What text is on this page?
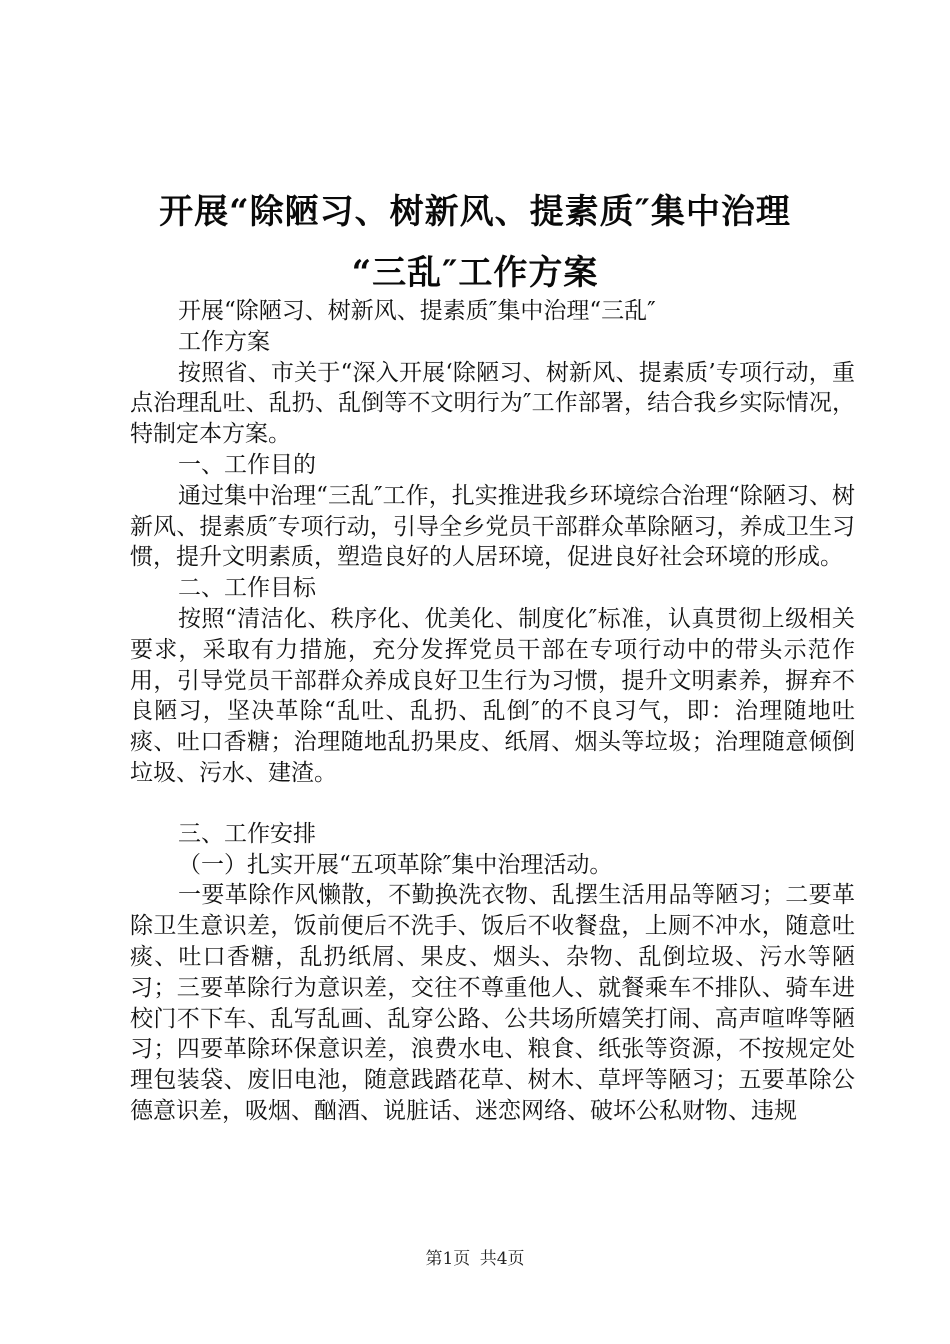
开展“除陋习、树新风、提素质″集中治理
“三乱″工作方案

开展“除陋习、树新风、提素质″集中治理“三乱″

工作方案

按照省、市关于“深入开展‘除陋习、树新风、提素质’专项行动，重点治理乱吐、乱扔、乱倒等不文明行为″工作部署，结合我乡实际情况，特制定本方案。

一、工作目的

通过集中治理“三乱″工作，扎实推进我乡环境综合治理“除陋习、树新风、提素质″专项行动，引导全乡党员干部群众革除陋习，养成卫生习惯，提升文明素质，塑造良好的人居环境，促进良好社会环境的形成。

二、工作目标

按照“清洁化、秩序化、优美化、制度化″标准，认真贯彻上级相关要求，采取有力措施，充分发挥党员干部在专项行动中的带头示范作用，引导党员干部群众养成良好卫生行为习惯，提升文明素养，摒弃不良陋习，坚决革除“乱吐、乱扔、乱倒″的不良习气，即：治理随地吐痰、吐口香糖；治理随地乱扔果皮、纸屑、烟头等垃圾；治理随意倾倒垃圾、污水、建渣。

三、工作安排

（一）扎实开展“五项革除″集中治理活动。

一要革除作风懒散，不勤换洗衣物、乱摆生活用品等陋习；二要革除卫生意识差，饭前便后不洗手、饭后不收餐盘，上厕不冲水，随意吐痰、吐口香糖，乱扔纸屑、果皮、烟头、杂物、乱倒垃圾、污水等陋习；三要革除行为意识差，交往不尊重他人、就餐乘车不排队、骑车进校门不下车、乱写乱画、乱穿公路、公共场所嬉笑打闹、高声喧哗等陋习；四要革除环保意识差，浪费水电、粮食、纸张等资源，不按规定处理包装袋、废旧电池，随意践踏花草、树木、草坪等陋习；五要革除公德意识差，吸烟、酗酒、说脏话、迷恋网络、破坏公私财物、违规

第1页 共4页
